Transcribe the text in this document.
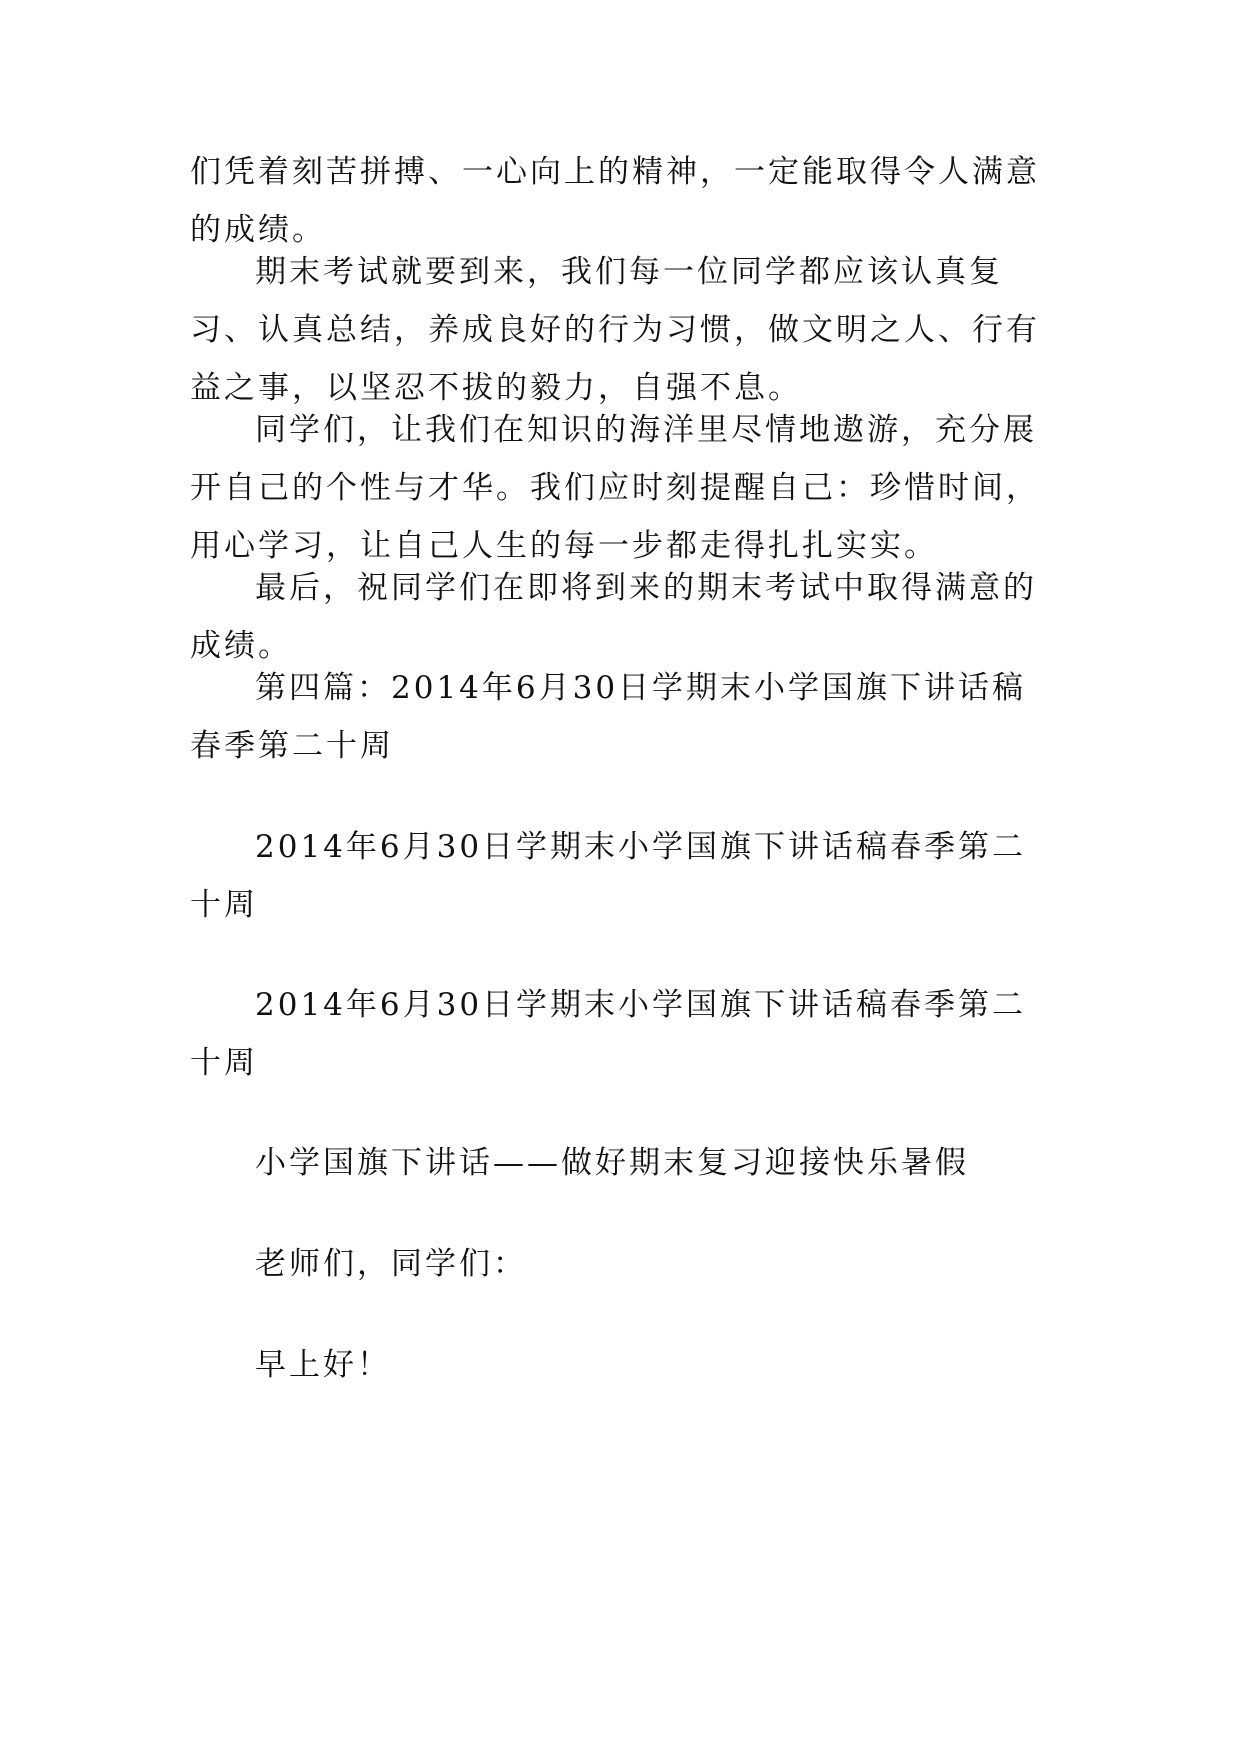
们凭着刻苦拼搏、一心向上的精神，一定能取得令人满意的成绩。

期末考试就要到来，我们每一位同学都应该认真复习、认真总结，养成良好的行为习惯，做文明之人、行有益之事，以坚忍不拔的毅力，自强不息。

同学们，让我们在知识的海洋里尽情地遨游，充分展开自己的个性与才华。我们应时刻提醒自己：珍惜时间，用心学习，让自己人生的每一步都走得扎扎实实。

最后，祝同学们在即将到来的期末考试中取得满意的成绩。

第四篇：2014年6月30日学期末小学国旗下讲话稿春季第二十周

2014年6月30日学期末小学国旗下讲话稿春季第二十周

2014年6月30日学期末小学国旗下讲话稿春季第二十周

小学国旗下讲话——做好期末复习迎接快乐暑假

老师们，同学们：

早上好！
